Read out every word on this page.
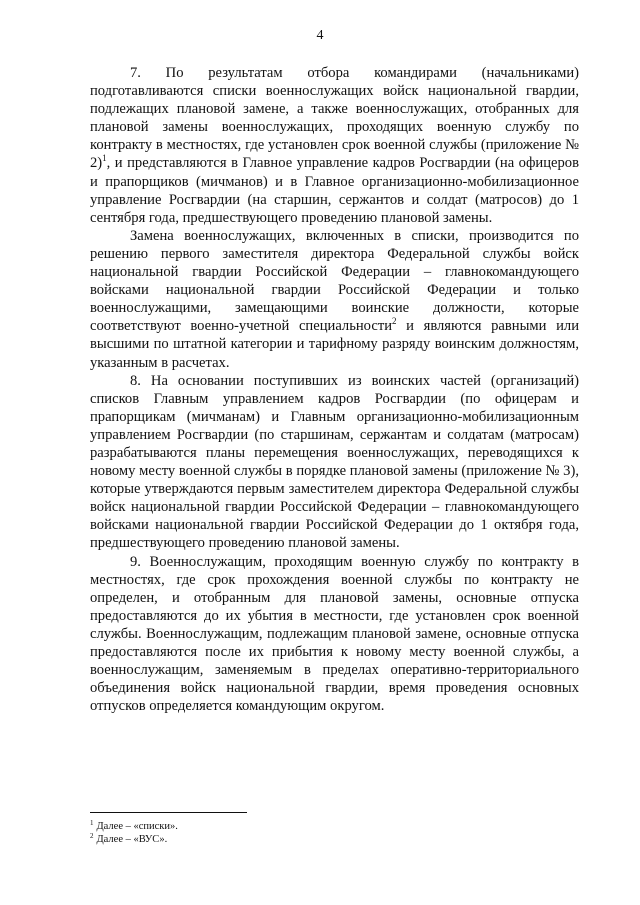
4

7. По результатам отбора командирами (начальниками) подготавливаются списки военнослужащих войск национальной гвардии, подлежащих плановой замене, а также военнослужащих, отобранных для плановой замены военнослужащих, проходящих военную службу по контракту в местностях, где установлен срок военной службы (приложение № 2)$^1$, и представляются в Главное управление кадров Росгвардии (на офицеров и прапорщиков (мичманов) и в Главное организационно-мобилизационное управление Росгвардии (на старшин, сержантов и солдат (матросов) до 1 сентября года, предшествующего проведению плановой замены.

Замена военнослужащих, включенных в списки, производится по решению первого заместителя директора Федеральной службы войск национальной гвардии Российской Федерации – главнокомандующего войсками национальной гвардии Российской Федерации и только военнослужащими, замещающими воинские должности, которые соответствуют военно-учетной специальности$^2$ и являются равными или высшими по штатной категории и тарифному разряду воинским должностям, указанным в расчетах.

8. На основании поступивших из воинских частей (организаций) списков Главным управлением кадров Росгвардии (по офицерам и прапорщикам (мичманам) и Главным организационно-мобилизационным управлением Росгвардии (по старшинам, сержантам и солдатам (матросам) разрабатываются планы перемещения военнослужащих, переводящихся к новому месту военной службы в порядке плановой замены (приложение № 3), которые утверждаются первым заместителем директора Федеральной службы войск национальной гвардии Российской Федерации – главнокомандующего войсками национальной гвардии Российской Федерации до 1 октября года, предшествующего проведению плановой замены.

9. Военнослужащим, проходящим военную службу по контракту в местностях, где срок прохождения военной службы по контракту не определен, и отобранным для плановой замены, основные отпуска предоставляются до их убытия в местности, где установлен срок военной службы. Военнослужащим, подлежащим плановой замене, основные отпуска предоставляются после их прибытия к новому месту военной службы, а военнослужащим, заменяемым в пределах оперативно-территориального объединения войск национальной гвардии, время проведения основных отпусков определяется командующим округом.

$^1$ Далее – «списки».

$^2$ Далее – «ВУС».
